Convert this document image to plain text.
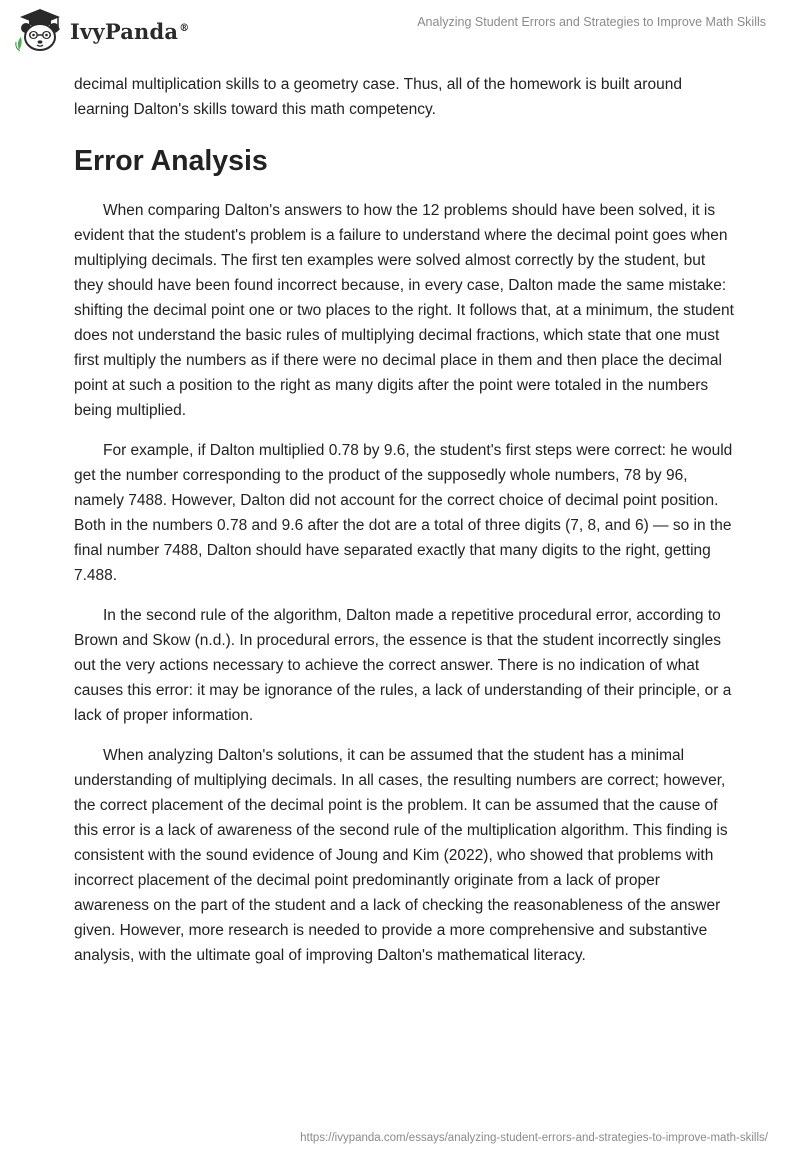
IvyPanda®	Analyzing Student Errors and Strategies to Improve Math Skills

decimal multiplication skills to a geometry case. Thus, all of the homework is built around learning Dalton's skills toward this math competency.

Error Analysis

When comparing Dalton's answers to how the 12 problems should have been solved, it is evident that the student's problem is a failure to understand where the decimal point goes when multiplying decimals. The first ten examples were solved almost correctly by the student, but they should have been found incorrect because, in every case, Dalton made the same mistake: shifting the decimal point one or two places to the right. It follows that, at a minimum, the student does not understand the basic rules of multiplying decimal fractions, which state that one must first multiply the numbers as if there were no decimal place in them and then place the decimal point at such a position to the right as many digits after the point were totaled in the numbers being multiplied.

For example, if Dalton multiplied 0.78 by 9.6, the student's first steps were correct: he would get the number corresponding to the product of the supposedly whole numbers, 78 by 96, namely 7488. However, Dalton did not account for the correct choice of decimal point position. Both in the numbers 0.78 and 9.6 after the dot are a total of three digits (7, 8, and 6) — so in the final number 7488, Dalton should have separated exactly that many digits to the right, getting 7.488.

In the second rule of the algorithm, Dalton made a repetitive procedural error, according to Brown and Skow (n.d.). In procedural errors, the essence is that the student incorrectly singles out the very actions necessary to achieve the correct answer. There is no indication of what causes this error: it may be ignorance of the rules, a lack of understanding of their principle, or a lack of proper information.

When analyzing Dalton's solutions, it can be assumed that the student has a minimal understanding of multiplying decimals. In all cases, the resulting numbers are correct; however, the correct placement of the decimal point is the problem. It can be assumed that the cause of this error is a lack of awareness of the second rule of the multiplication algorithm. This finding is consistent with the sound evidence of Joung and Kim (2022), who showed that problems with incorrect placement of the decimal point predominantly originate from a lack of proper awareness on the part of the student and a lack of checking the reasonableness of the answer given. However, more research is needed to provide a more comprehensive and substantive analysis, with the ultimate goal of improving Dalton's mathematical literacy.

https://ivypanda.com/essays/analyzing-student-errors-and-strategies-to-improve-math-skills/
